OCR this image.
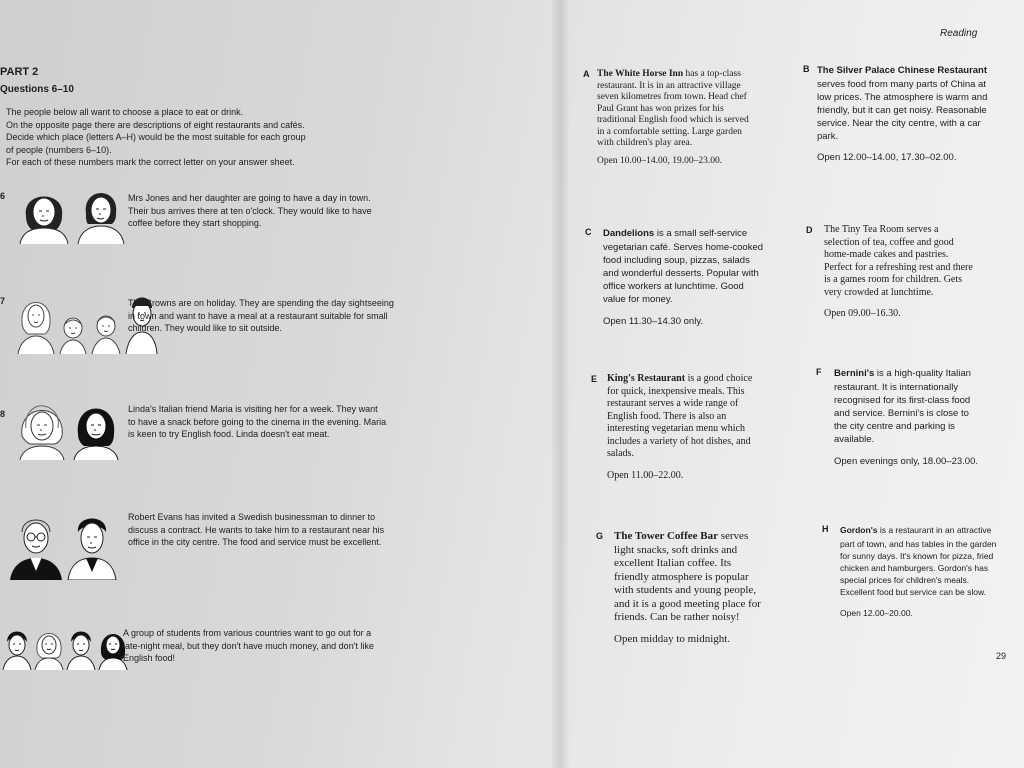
Reading
PART 2
Questions 6–10

The people below all want to choose a place to eat or drink.

On the opposite page there are descriptions of eight restaurants and cafés.

Decide which place (letters A–H) would be the most suitable for each group

of people (numbers 6–10).

For each of these numbers mark the correct letter on your answer sheet.

6	Mrs Jones and her daughter are going to have a day in town.
Their bus arrives there at ten o'clock. They would like to have
coffee before they start shopping.
7	The Browns are on holiday. They are spending the day sightseeing
in town and want to have a meal at a restaurant suitable for small
children. They would like to sit outside.
8	Linda's Italian friend Maria is visiting her for a week. They want
to have a snack before going to the cinema in the evening. Maria
is keen to try English food. Linda doesn't eat meat.
Robert Evans has invited a Swedish businessman to dinner to
discuss a contract. He wants to take him to a restaurant near his
office in the city centre. The food and service must be excellent.
A group of students from various countries want to go out for a
late-night meal, but they don't have much money, and don't like
English food!
A The White Horse Inn has a top-class
restaurant. It is in an attractive village
seven kilometres from town. Head chef
Paul Grant has won prizes for his
traditional English food which is served
in a comfortable setting. Large garden
with children's play area.
Open 10.00–14.00, 19.00–23.00.
B The Silver Palace Chinese Restaurant
serves food from many parts of China at
low prices. The atmosphere is warm and
friendly, but it can get noisy. Reasonable
service. Near the city centre, with a car
park.
Open 12.00–14.00, 17.30–02.00.
C Dandelions is a small self-service
vegetarian café. Serves home-cooked
food including soup, pizzas, salads
and wonderful desserts. Popular with
office workers at lunchtime. Good
value for money.
Open 11.30–14.30 only.
D The Tiny Tea Room serves a
selection of tea, coffee and good
home-made cakes and pastries.
Perfect for a refreshing rest and there
is a games room for children. Gets
very crowded at lunchtime.
Open 09.00–16.30.
E King's Restaurant is a good choice
for quick, inexpensive meals. This
restaurant serves a wide range of
English food. There is also an
interesting vegetarian menu which
includes a variety of hot dishes, and
salads.
Open 11.00–22.00.
F Bernini's is a high-quality Italian
restaurant. It is internationally
recognised for its first-class food
and service. Bernini's is close to
the city centre and parking is
available.
Open evenings only, 18.00–23.00.
G The Tower Coffee Bar serves
light snacks, soft drinks and
excellent Italian coffee. Its
friendly atmosphere is popular
with students and young people,
and it is a good meeting place for
friends. Can be rather noisy!
Open midday to midnight.
H Gordon's is a restaurant in an attractive
part of town, and has tables in the garden
for sunny days. It's known for pizza, fried
chicken and hamburgers. Gordon's has
special prices for children's meals.
Excellent food but service can be slow.
Open 12.00–20.00.
29
